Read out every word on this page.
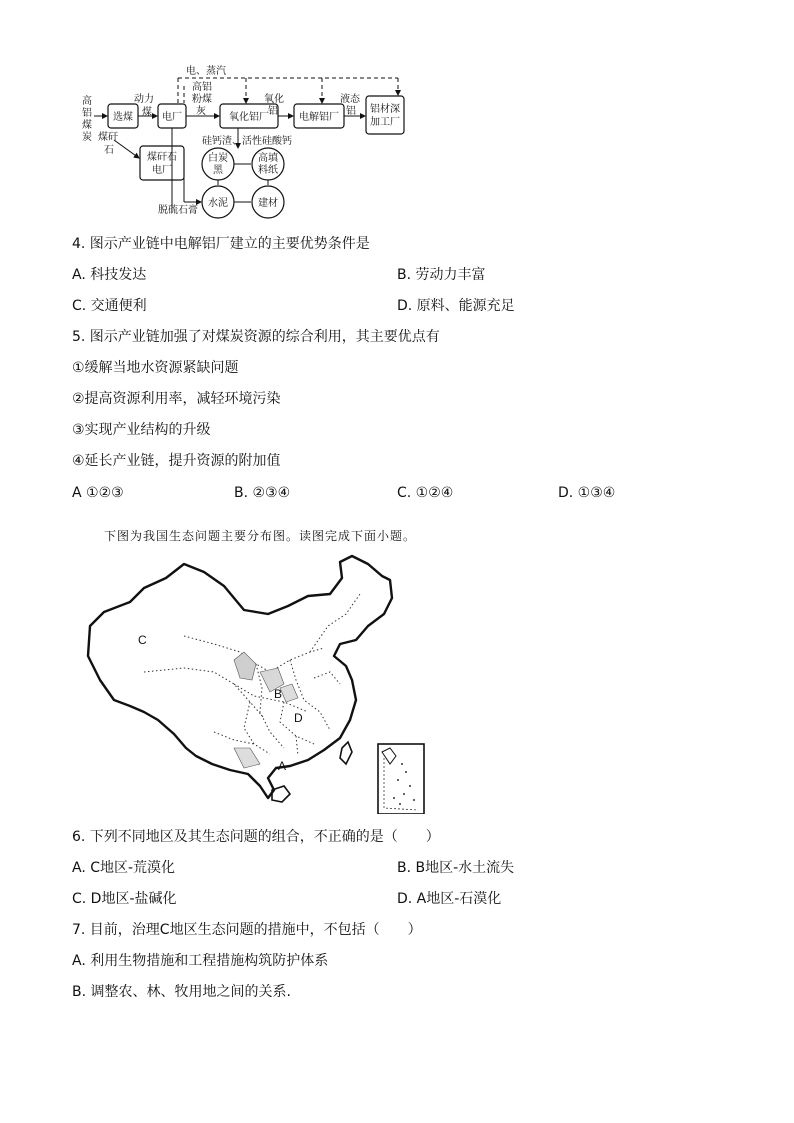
高铝煤炭 煤矸
石
动力
煤
电、蒸汽
高铝
粉煤
灰
氧化
铝
液态
铝
硅钙渣、活性硅酸钙
脱硫石膏
选煤	电厂
煤矸石
电厂
氧化铝厂	电解铝厂
铝材深
加工厂
白炭
黑
高填
料纸
水泥	建材
4. 图示产业链中电解铝厂建立的主要优势条件是
A. 科技发达	B. 劳动力丰富
C. 交通便利	D. 原料、能源充足
5. 图示产业链加强了对煤炭资源的综合利用，其主要优点有
①缓解当地水资源紧缺问题
②提高资源利用率，减轻环境污染
③实现产业结构的升级
④延长产业链，提升资源的附加值
A ①②③	B. ②③④	C. ①②④	D. ①③④
下图为我国生态问题主要分布图。读图完成下面小题。
C
B
D
A
6. 下列不同地区及其生态问题的组合，不正确的是（　　）
A. C地区-荒漠化	B. B地区-水土流失
C. D地区-盐碱化	D. A地区-石漠化
7. 目前，治理C地区生态问题的措施中，不包括（　　）
A. 利用生物措施和工程措施构筑防护体系
B. 调整农、林、牧用地之间的关系.
